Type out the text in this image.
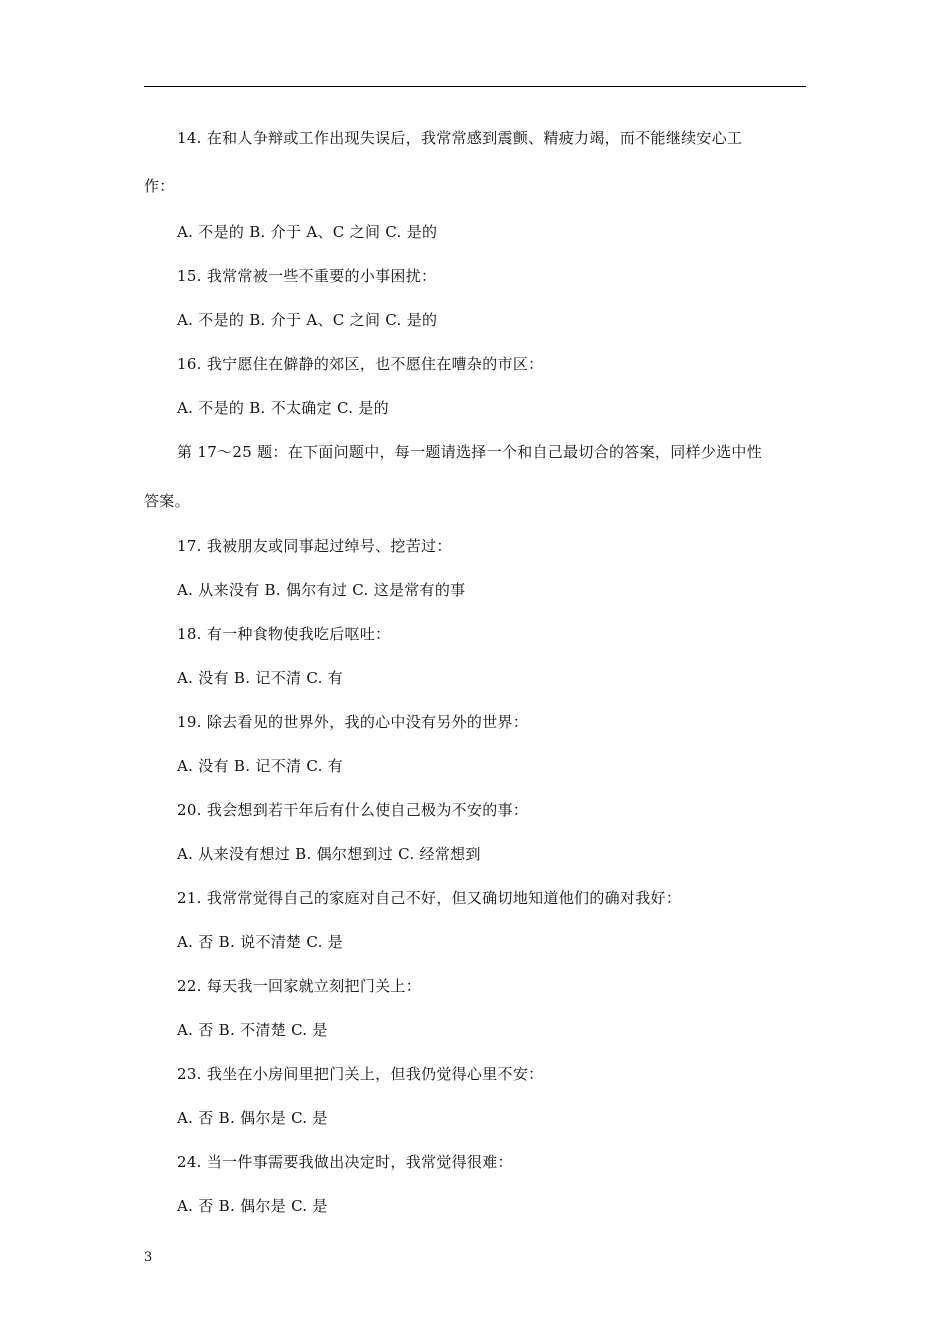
14. 在和人争辩或工作出现失误后，我常常感到震颤、精疲力竭，而不能继续安心工
作：
A. 不是的 B. 介于 A、C 之间 C. 是的
15. 我常常被一些不重要的小事困扰：
A. 不是的 B. 介于 A、C 之间 C. 是的
16. 我宁愿住在僻静的郊区，也不愿住在嘈杂的市区：
A. 不是的 B. 不太确定 C. 是的
第 17～25 题：在下面问题中，每一题请选择一个和自己最切合的答案，同样少选中性
答案。
17. 我被朋友或同事起过绰号、挖苦过：
A. 从来没有 B. 偶尔有过 C. 这是常有的事
18. 有一种食物使我吃后呕吐：
A. 没有 B. 记不清 C. 有
19. 除去看见的世界外，我的心中没有另外的世界：
A. 没有 B. 记不清 C. 有
20. 我会想到若干年后有什么使自己极为不安的事：
A. 从来没有想过 B. 偶尔想到过 C. 经常想到
21. 我常常觉得自己的家庭对自己不好，但又确切地知道他们的确对我好：
A. 否 B. 说不清楚 C. 是
22. 每天我一回家就立刻把门关上：
A. 否 B. 不清楚 C. 是
23. 我坐在小房间里把门关上，但我仍觉得心里不安：
A. 否 B. 偶尔是 C. 是
24. 当一件事需要我做出决定时，我常觉得很难：
A. 否 B. 偶尔是 C. 是
3
